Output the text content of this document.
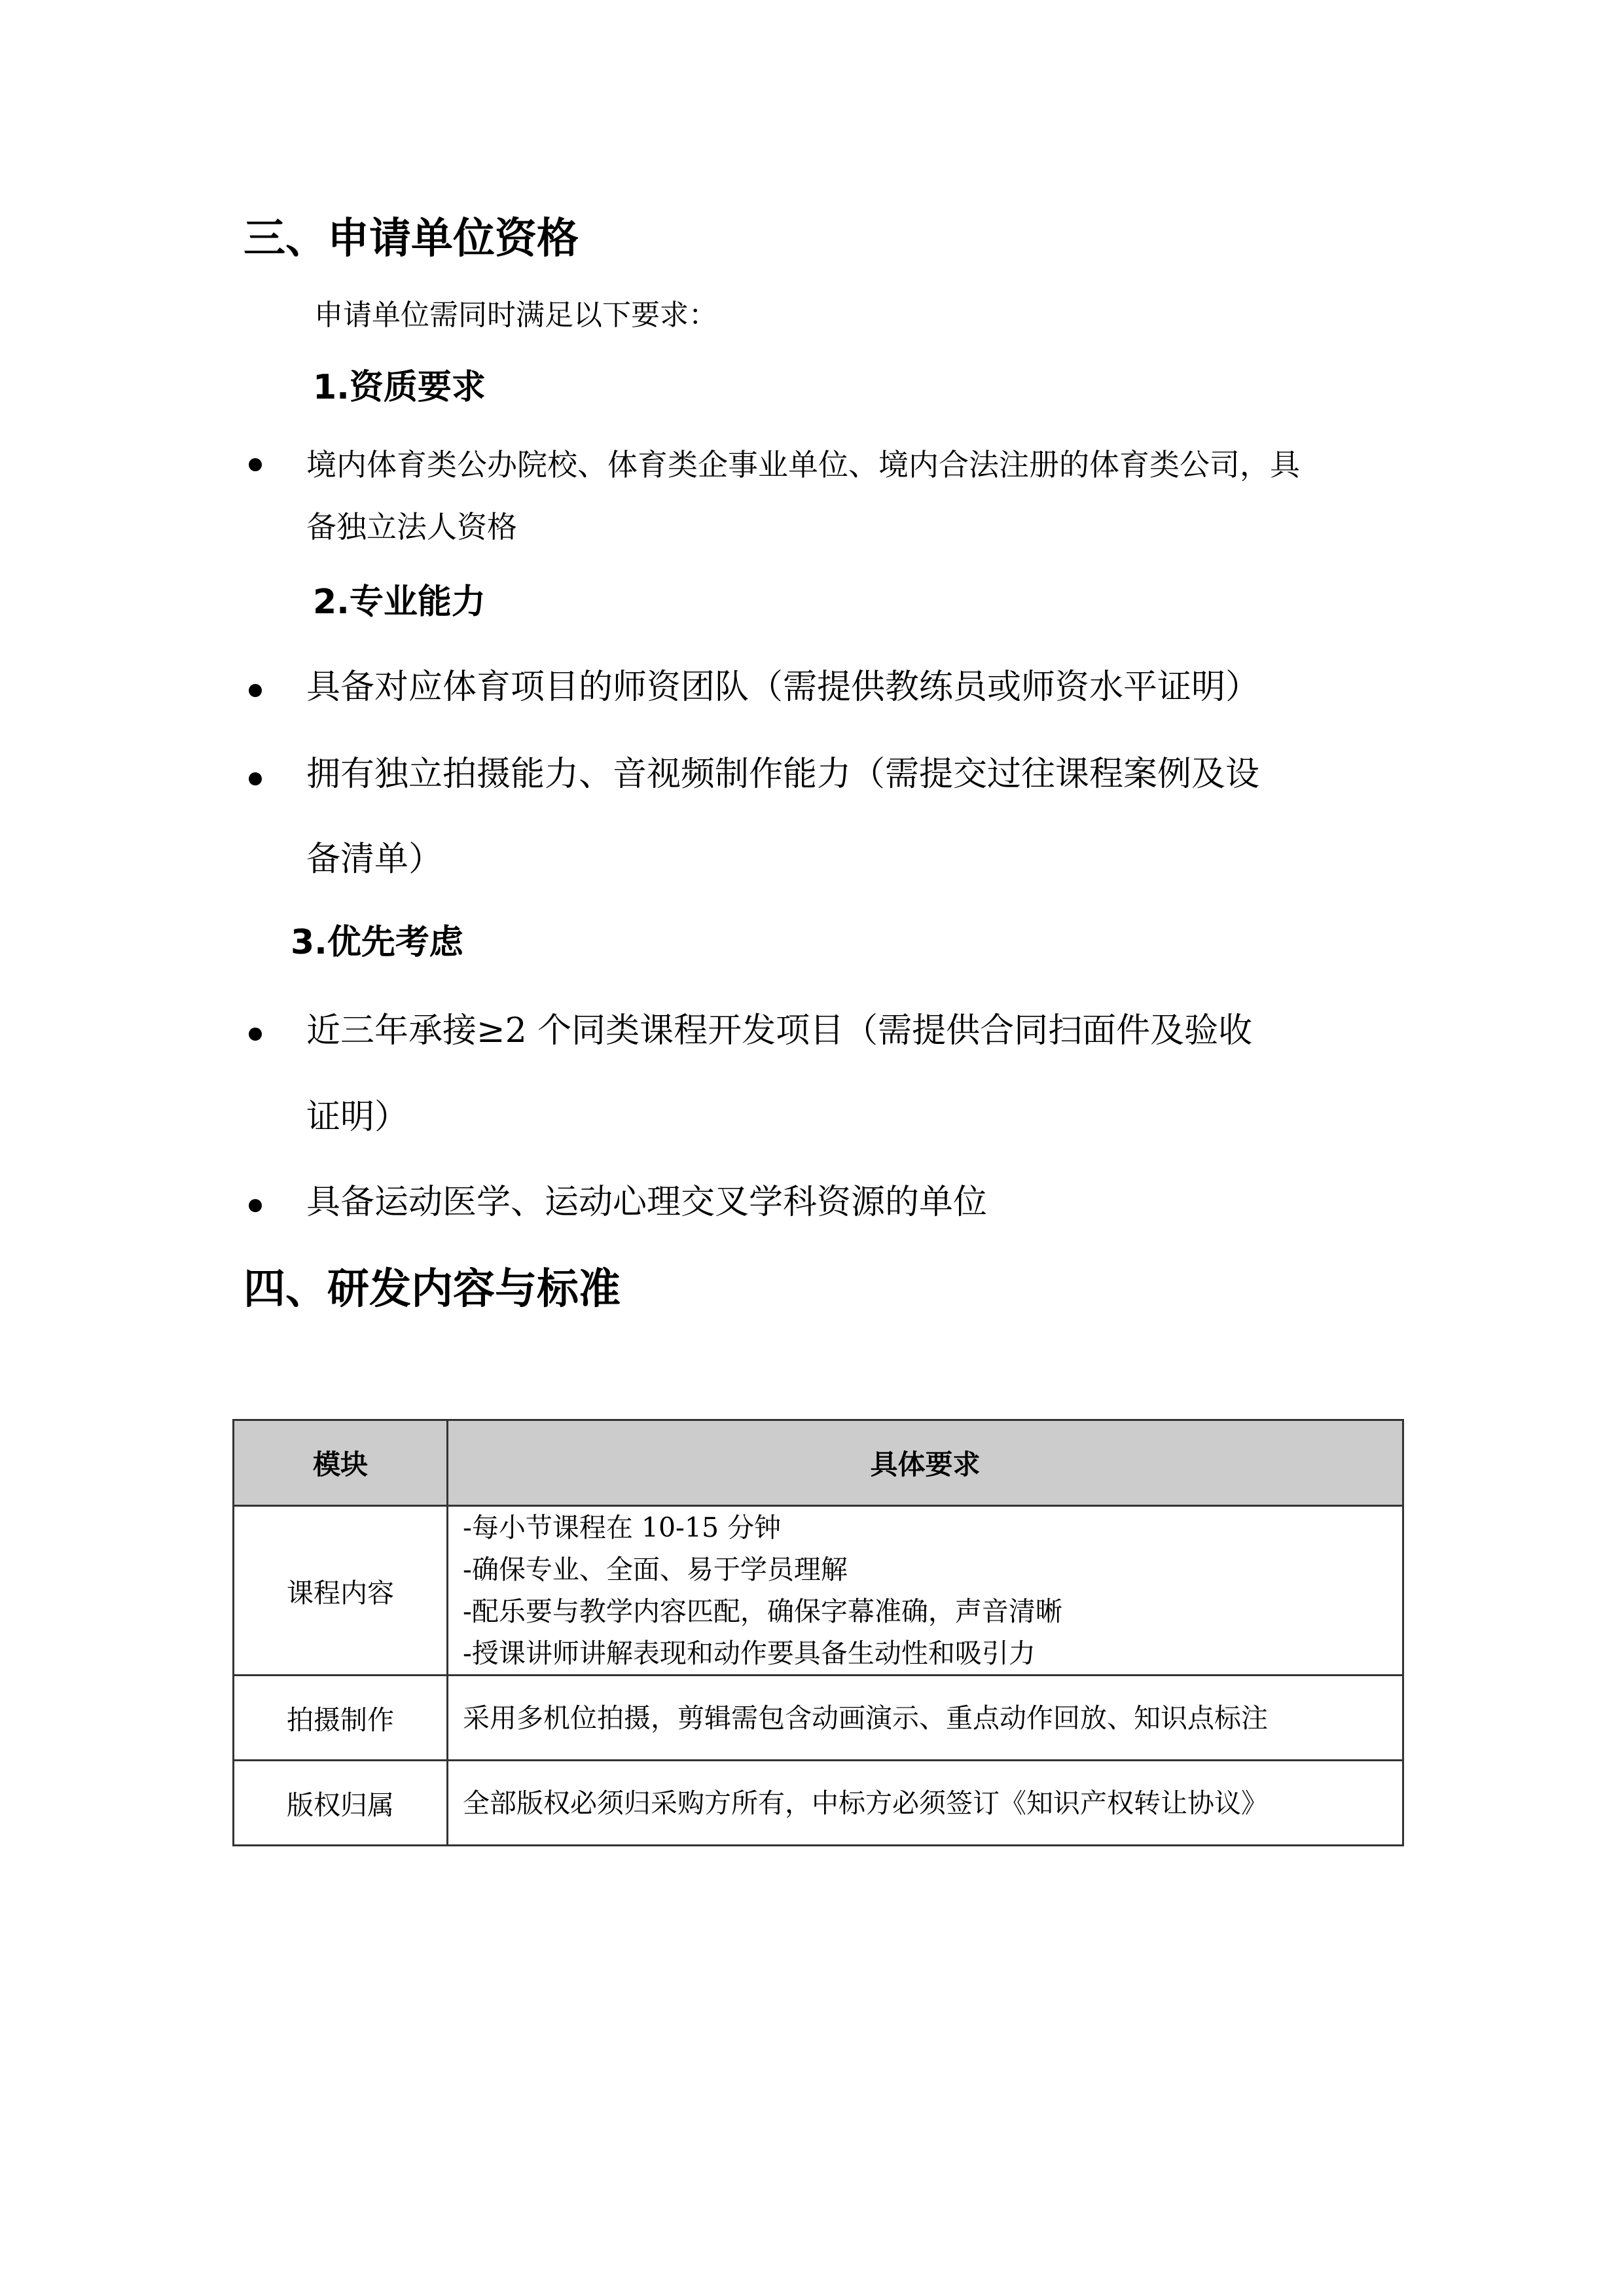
三、申请单位资格
申请单位需同时满足以下要求：
1.资质要求
境内体育类公办院校、体育类企事业单位、境内合法注册的体育类公司，具
备独立法人资格
2.专业能力
具备对应体育项目的师资团队（需提供教练员或师资水平证明）
拥有独立拍摄能力、音视频制作能力（需提交过往课程案例及设
备清单）
3.优先考虑
近三年承接≥2 个同类课程开发项目（需提供合同扫面件及验收
证明）
具备运动医学、运动心理交叉学科资源的单位
四、研发内容与标准
模块	具体要求
课程内容	-每小节课程在 10-15 分钟
-确保专业、全面、易于学员理解
-配乐要与教学内容匹配，确保字幕准确，声音清晰
-授课讲师讲解表现和动作要具备生动性和吸引力

拍摄制作	采用多机位拍摄，剪辑需包含动画演示、重点动作回放、知识点标注

版权归属	全部版权必须归采购方所有，中标方必须签订《知识产权转让协议》
